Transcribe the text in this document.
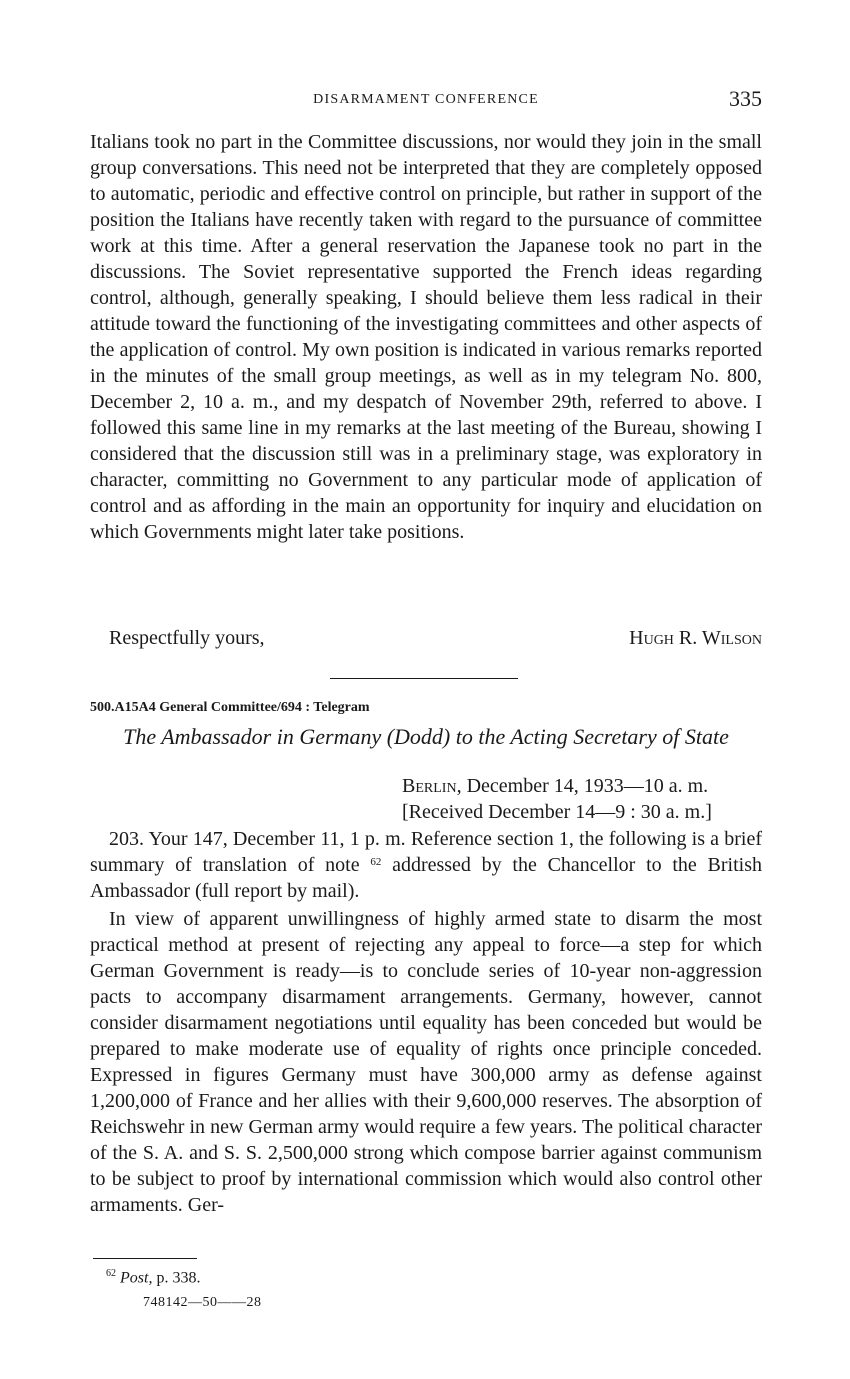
DISARMAMENT CONFERENCE	335

Italians took no part in the Committee discussions, nor would they join in the small group conversations. This need not be interpreted that they are completely opposed to automatic, periodic and effective control on principle, but rather in support of the position the Italians have recently taken with regard to the pursuance of committee work at this time. After a general reservation the Japanese took no part in the discussions. The Soviet representative supported the French ideas regarding control, although, generally speaking, I should believe them less radical in their attitude toward the functioning of the investigating committees and other aspects of the application of control. My own position is indicated in various remarks reported in the minutes of the small group meetings, as well as in my telegram No. 800, December 2, 10 a. m., and my despatch of November 29th, referred to above. I followed this same line in my remarks at the last meeting of the Bureau, showing I considered that the discussion still was in a preliminary stage, was exploratory in character, committing no Government to any particular mode of application of control and as affording in the main an opportunity for inquiry and elucidation on which Governments might later take positions.

Respectfully yours,	Hugh R. Wilson
500.A15A4 General Committee/694 : Telegram
The Ambassador in Germany (Dodd) to the Acting Secretary of State
Berlin, December 14, 1933—10 a. m.
[Received December 14—9 : 30 a. m.]

203. Your 147, December 11, 1 p. m. Reference section 1, the following is a brief summary of translation of note $^{62}$ addressed by the Chancellor to the British Ambassador (full report by mail).

In view of apparent unwillingness of highly armed state to disarm the most practical method at present of rejecting any appeal to force—a step for which German Government is ready—is to conclude series of 10-year non-aggression pacts to accompany disarmament arrangements. Germany, however, cannot consider disarmament negotiations until equality has been conceded but would be prepared to make moderate use of equality of rights once principle conceded. Expressed in figures Germany must have 300,000 army as defense against 1,200,000 of France and her allies with their 9,600,000 reserves. The absorption of Reichswehr in new German army would require a few years. The political character of the S. A. and S. S. 2,500,000 strong which compose barrier against communism to be subject to proof by international commission which would also control other armaments. Ger-

$^{62}$ Post, p. 338.
748142—50——28
